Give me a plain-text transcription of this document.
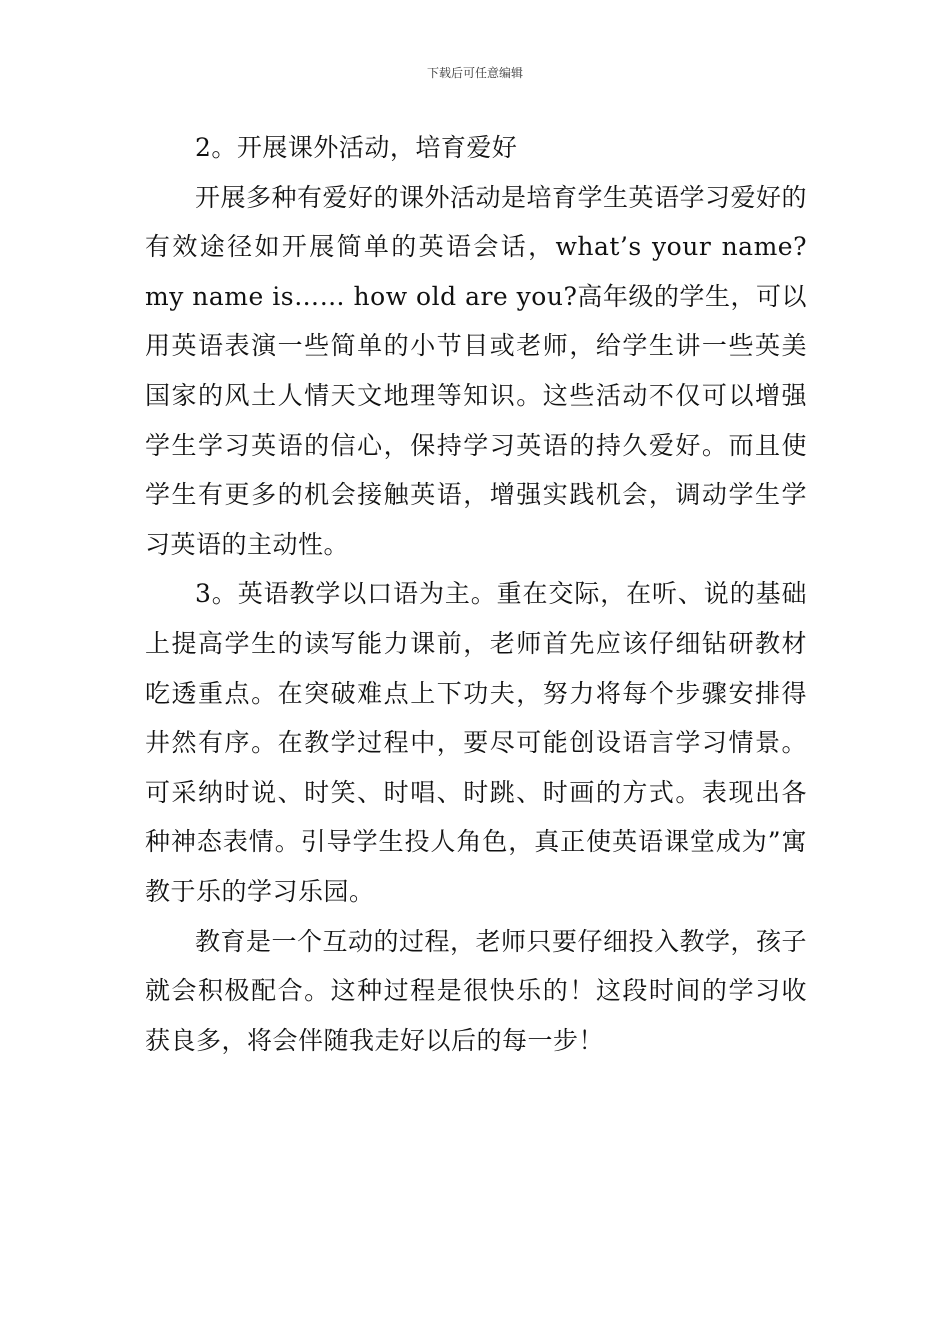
下载后可任意编辑

2。开展课外活动，培育爱好

开展多种有爱好的课外活动是培育学生英语学习爱好的有效途径如开展简单的英语会话，what’s your name? my name is…… how old are you?高年级的学生，可以用英语表演一些简单的小节目或老师，给学生讲一些英美国家的风土人情天文地理等知识。这些活动不仅可以增强学生学习英语的信心，保持学习英语的持久爱好。而且使学生有更多的机会接触英语，增强实践机会，调动学生学习英语的主动性。

3。英语教学以口语为主。重在交际，在听、说的基础上提高学生的读写能力课前，老师首先应该仔细钻研教材吃透重点。在突破难点上下功夫，努力将每个步骤安排得井然有序。在教学过程中，要尽可能创设语言学习情景。可采纳时说、时笑、时唱、时跳、时画的方式。表现出各种神态表情。引导学生投人角色，真正使英语课堂成为”寓教于乐的学习乐园。

教育是一个互动的过程，老师只要仔细投入教学，孩子就会积极配合。这种过程是很快乐的！这段时间的学习收获良多，将会伴随我走好以后的每一步！
